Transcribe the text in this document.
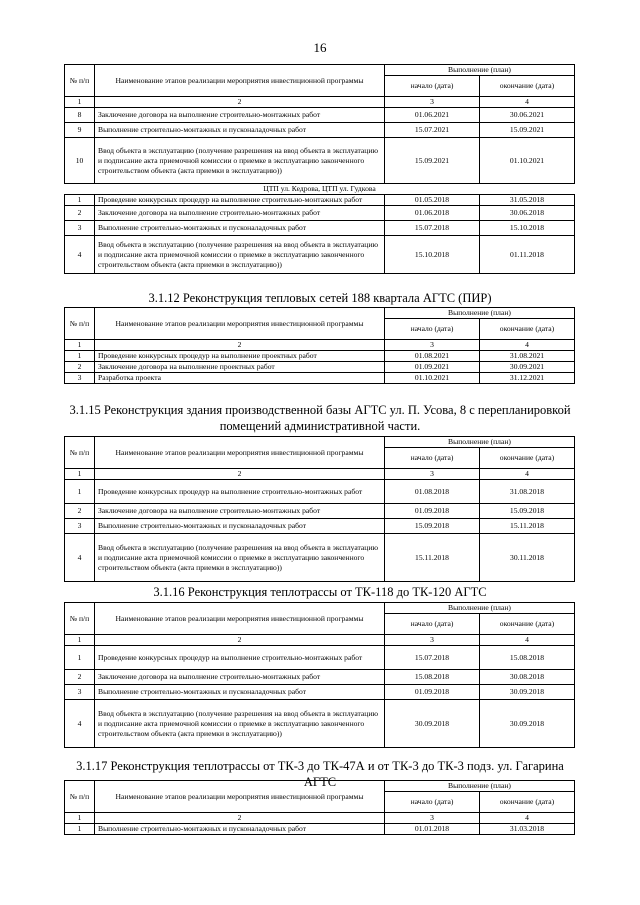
16
№ п/п	Наименование этапов реализации мероприятия инвестиционной программы	Выполнение (план)	
		начало (дата)	окончание (дата)
1	2	3	4
8	Заключение договора на выполнение строительно-монтажных работ	01.06.2021	30.06.2021
9	Выполнение строительно-монтажных и пусконаладочных работ	15.07.2021	15.09.2021
10	Ввод объекта в эксплуатацию (получение разрешения на ввод объекта в эксплуатацию и подписание акта приемочной комиссии о приемке в эксплуатацию законченного строительством объекта (акта приемки в эксплуатацию))	15.09.2021	01.10.2021
ЦТП ул. Кедрова, ЦТП ул. Гудкова			
1	Проведение конкурсных процедур на выполнение строительно-монтажных работ	01.05.2018	31.05.2018
2	Заключение договора на выполнение строительно-монтажных работ	01.06.2018	30.06.2018
3	Выполнение строительно-монтажных и пусконаладочных работ	15.07.2018	15.10.2018
4	Ввод объекта в эксплуатацию (получение разрешения на ввод объекта в эксплуатацию и подписание акта приемочной комиссии о приемке в эксплуатацию законченного строительством объекта (акта приемки в эксплуатацию))	15.10.2018	01.11.2018
3.1.12 Реконструкция тепловых сетей 188 квартала АГТС (ПИР)
№ п/п	Наименование этапов реализации мероприятия инвестиционной программы	Выполнение (план)	
		начало (дата)	окончание (дата)
1	2	3	4
1	Проведение конкурсных процедур на выполнение проектных работ	01.08.2021	31.08.2021
2	Заключение договора на выполнение проектных работ	01.09.2021	30.09.2021
3	Разработка проекта	01.10.2021	31.12.2021
3.1.15 Реконструкция здания производственной базы АГТС ул. П. Усова, 8 с перепланировкой помещений административной части.
№ п/п	Наименование этапов реализации мероприятия инвестиционной программы	Выполнение (план)	
		начало (дата)	окончание (дата)
1	2	3	4
1	Проведение конкурсных процедур на выполнение строительно-монтажных работ	01.08.2018	31.08.2018
2	Заключение договора на выполнение строительно-монтажных работ	01.09.2018	15.09.2018
3	Выполнение строительно-монтажных и пусконаладочных работ	15.09.2018	15.11.2018
4	Ввод объекта в эксплуатацию (получение разрешения на ввод объекта в эксплуатацию и подписание акта приемочной комиссии о приемке в эксплуатацию законченного строительством объекта (акта приемки в эксплуатацию))	15.11.2018	30.11.2018
3.1.16 Реконструкция теплотрассы от ТК-118 до ТК-120 АГТС
№ п/п	Наименование этапов реализации мероприятия инвестиционной программы	Выполнение (план)	
		начало (дата)	окончание (дата)
1	2	3	4
1	Проведение конкурсных процедур на выполнение строительно-монтажных работ	15.07.2018	15.08.2018
2	Заключение договора на выполнение строительно-монтажных работ	15.08.2018	30.08.2018
3	Выполнение строительно-монтажных и пусконаладочных работ	01.09.2018	30.09.2018
4	Ввод объекта в эксплуатацию (получение разрешения на ввод объекта в эксплуатацию и подписание акта приемочной комиссии о приемке в эксплуатацию законченного строительством объекта (акта приемки в эксплуатацию))	30.09.2018	30.09.2018
3.1.17 Реконструкция теплотрассы от ТК-3 до ТК-47А и от ТК-3 до ТК-3 подз. ул. Гагарина АГТС
№ п/п	Наименование этапов реализации мероприятия инвестиционной программы	Выполнение (план)	
		начало (дата)	окончание (дата)
1	2	3	4
1	Выполнение строительно-монтажных и пусконаладочных работ	01.01.2018	31.03.2018
